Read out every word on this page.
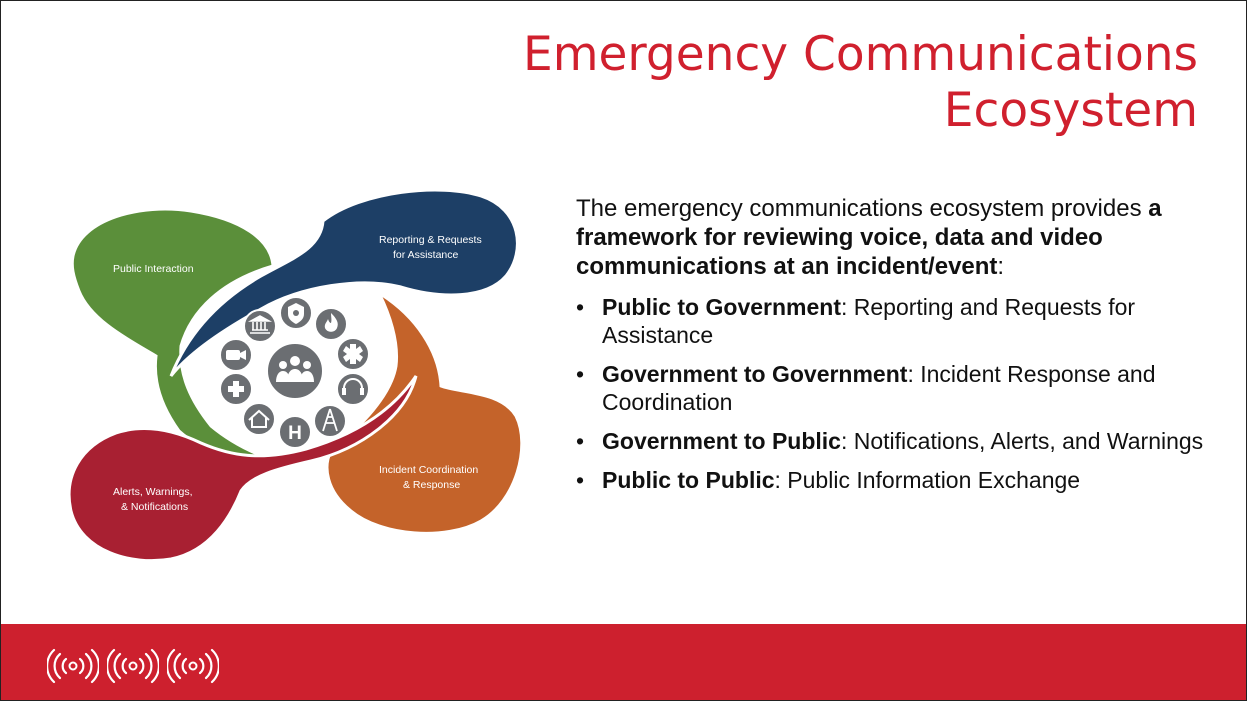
Emergency Communications
Ecosystem
Public Interaction
Reporting & Requests
for Assistance
Incident Coordination
& Response
Alerts, Warnings,
& Notifications
H

The emergency communications ecosystem provides a framework for reviewing voice, data and video communications at an incident/event:

• Public to Government: Reporting and Requests for Assistance
• Government to Government: Incident Response and Coordination
• Government to Public: Notifications, Alerts, and Warnings
• Public to Public: Public Information Exchange
